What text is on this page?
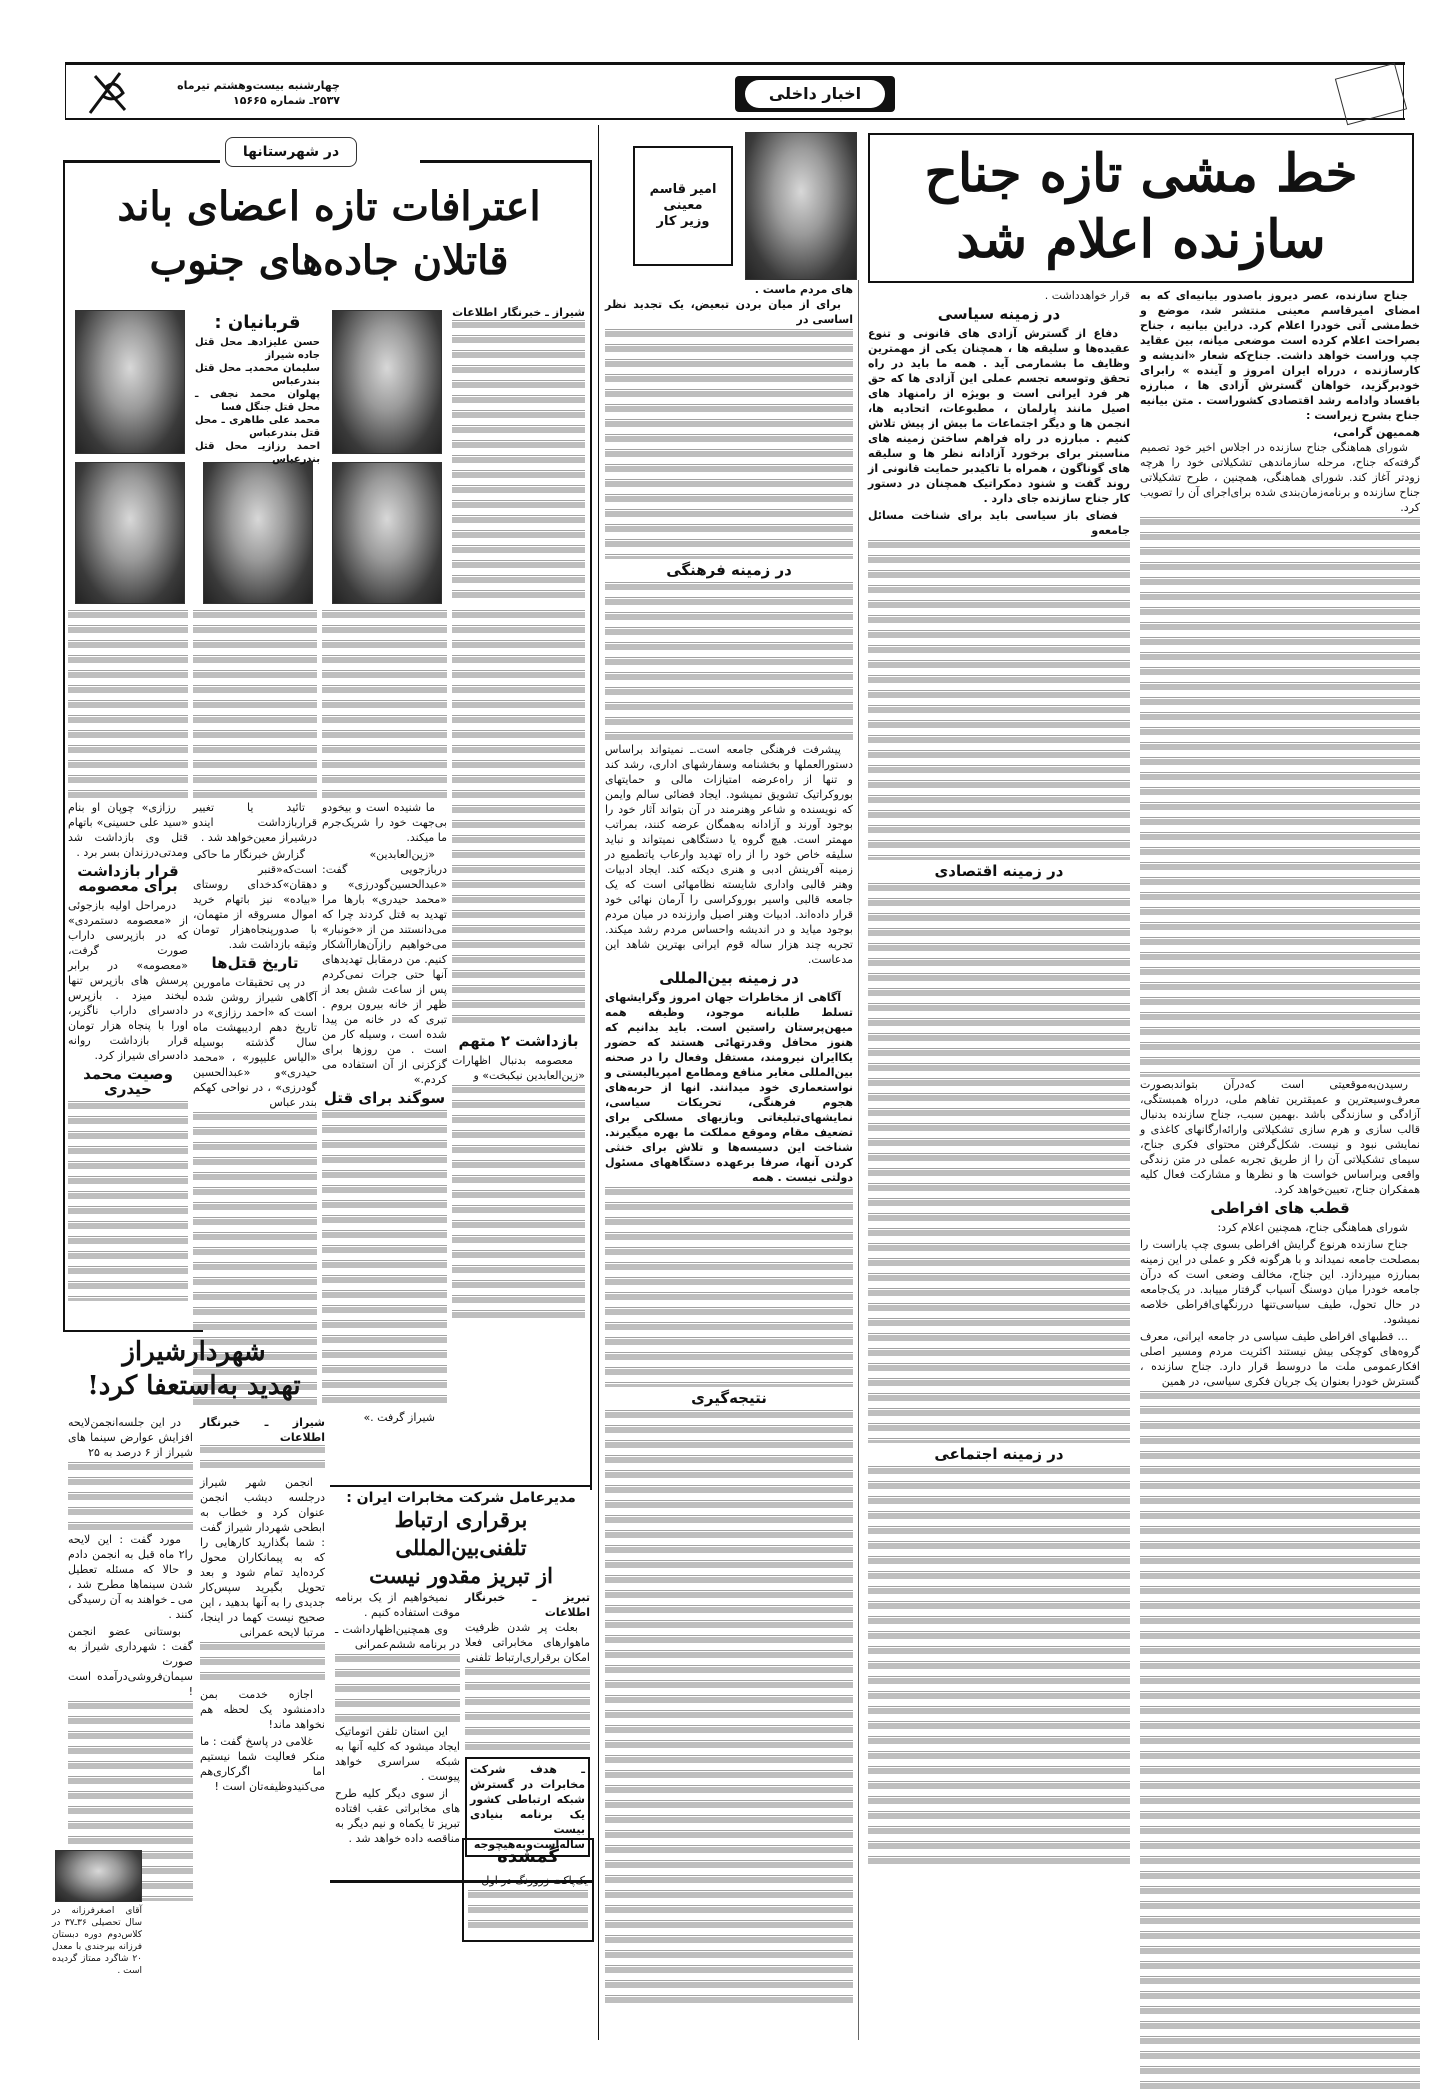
اخبار داخلی
چهارشنبه بیست‌وهشتم تیرماه
۲۵۳۷ـ شماره ۱۵۶۶۵
خط مشی تازه جناح
سازنده اعلام شد
امیر قاسم
معینی
وزیر کار

جناح سازنده، عصر دیروز باصدور بیانیه‌ای که به امضای امیرقاسم معینی منتشر شد، موضع و خط‌مشی آتی خودرا اعلام کرد. دراین بیانیه ، جناح بصراحت اعلام کرده است موضعی میانه، بین عقاید چپ وراست خواهد داشت. جناح‌که شعار «اندیشه و کارسازنده ، درراه ایران امروز و آینده » رابرای خودبرگزید، خواهان گسترش آزادی ها ، مبارزه بافساد وادامه رشد اقتصادی کشوراست . متن بیانیه جناح بشرح زیراست :

هممیهن گرامی،

شورای هماهنگی جناح سازنده در اجلاس اخیر خود تصمیم گرفته‌که جناح، مرحله سازماندهی تشکیلاتی خود را هرچه زودتر آغاز کند. شورای هماهنگی، همچنین ، طرح تشکیلاتی جناح سازنده و برنامه‌زمان‌بندی شده برای‌اجرای آن را تصویب کرد.

رسیدن‌به‌موقعیتی است که‌درآن بتواندبصورت معرف‌وسیعترین و عمیقترین تفاهم ملی، درراه همبستگی، آزادگی و سازندگی باشد .بهمین سبب، جناح سازنده بدنبال قالب سازی و هرم سازی تشکیلاتی وارائه‌ارگانهای کاغذی و نمایشی نبود و نیست. شکل‌گرفتن محتوای فکری جناح، سیمای تشکیلاتی آن را از طریق تجربه عملی در متن زندگی واقعی وبراساس خواست ها و نظرها و مشارکت فعال کلیه همفکران جناح، تعیین‌خواهد کرد.

قطب های افراطی

شورای هماهنگی جناح، همچنین اعلام کرد:

جناح سازنده هرنوع گرایش‌ افراطی بسوی چپ یاراست را بمصلحت جامعه نمیداند و با هرگونه فکر و عملی در این زمینه بمبارزه میپردازد. این جناح، مخالف وضعی است که درآن جامعه خودرا میان دوسنگ آسیاب گرفتار مییابد. در یک‌جامعه در حال تحول، طیف سیاسی‌تنها دررنگهای‌افراطی خلاصه نمیشود.

... قطبهای افراطی طیف سیاسی در جامعه ایرانی، معرف گروه‌های کوچکی بیش نیستند اکثریت مردم ومسیر اصلی افکارعمومی ملت ما دروسط قرار دارد. جناح سازنده ، گسترش خودرا بعنوان یک جریان فکری سیاسی، در همین

قرار خواهدداشت .
در زمینه سیاسی

دفاع از گسترش آزادی های قانونی و تنوع عقیده‌ها و سلیقه ها ، همچنان یکی از مهمترین وظایف ما بشمارمی آید . همه ما باید در راه تحقق وتوسعه تجسم عملی این آزادی ها که حق هر فرد ایرانی است و بویژه از رامنهاد های اصیل مانند پارلمان ، مطبوعات، اتحادیه ها، انجمن ها و دیگر اجتماعات ما بیش از پیش تلاش کنیم . مبارزه در راه فراهم ساختن زمینه های مناسبتر برای برخورد آزادانه نظر ها و سلیقه های گوناگون ، همراه با تاکیدبر حمایت قانونی از روند گفت و شنود دمکراتیک همچنان در دستور کار جناح سازنده جای دارد .

فضای باز سیاسی باید برای شناخت مسائل جامعه‌و

در زمینه اقتصادی
در زمینه اجتماعی
های مردم ماست .

برای از میان بردن تبعیض، یک تجدید نظر اساسی در

در زمینه فرهنگی

پیشرفت فرهنگی جامعه است.ـ نمیتواند براساس دستورالعملها و بخشنامه وسفارشهای اداری، رشد کند و تنها از راه‌عرضه امتیازات مالی و حمایتهای بوروکراتیک تشویق نمیشود. ایجاد فضائی سالم وایمن که نویسنده و شاعر وهنرمند در آن بتواند آثار خود را بوجود آورند و آزادانه به‌همگان عرضه کنند، بمراتب مهمتر است. هیچ گروه یا دستگاهی نمیتواند و نباید سلیقه خاص خود را از راه تهدید وارعاب یاتطمیع در زمینه آفرینش ادبی و هنری دیکته کند. ایجاد ادبیات وهنر قالبی واداری شایسته نظامهائی است که یک جامعه قالبی واسیر بوروکراسی را آرمان نهائی خود قرار داده‌اند. ادبیات وهنر اصیل وارزنده در میان مردم بوجود میاید و در اندیشه واحساس مردم رشد میکند. تجربه چند هزار ساله قوم ایرانی بهترین شاهد این مدعاست.

در زمینه بین‌المللی

آگاهی از مخاطرات جهان امروز وگرایشهای تسلط طلبانه موجود، وظیفه همه میهن‌پرستان راستین است. باید بدانیم که هنوز محافل وقدرتهائی هستند که حضور یکاایران نیرومند، مستقل وفعال را در صحنه بین‌المللی مغایر منافع ومطامع امپریالیستی و نواستعماری خود میدانند. انها از حربه‌های هجوم فرهنگی، تحریکات سیاسی، نمایشهای‌تبلیغاتی وبازیهای مسلکی برای تضعیف مقام وموقع مملکت ما بهره میگیرند. شناخت این دسیسه‌ها و تلاش برای خنثی کردن آنها، صرفا برعهده دستگاههای مسئول دولتی نیست . همه

نتیجه‌گیری
در شهرستانها
اعترافات تازه اعضای باند
قاتلان جاده‌های جنوب
قربانیان :
حسن علیزادهـ محل قتل جاده شیراز
سلیمان محمدیـ محل قتل بندرعباس
پهلوان محمد نجفی ـ محل قتل جنگل فسا
محمد علی طاهری ـ محل قتل بندرعباس
احمد رزازیـ محل قتل بندرعباس
شیراز ـ خبرنگار اطلاعات
بازداشت ۲ متهم

معصومه بدنبال اظهارات «زین‌العابدین نیکبخت» و

ما شنیده است و بیخودو بی‌جهت خود را شریک‌جرم ما میکند.

«زین‌العابدین» دربازجویی گفت: «عبدالحسین‌گودرزی» و «محمد حیدری» بارها مرا تهدید به قتل کردند چرا که می‌دانستند من از «خونبار» می‌خواهیم رازآن‌هاراآشکار کنیم. من درمقابل تهدیدهای آنها حتی جرات نمی‌کردم پس از ساعت شش بعد از ظهر از خانه بیرون بروم . تبری که در خانه من پیدا شده است ، وسیله کار من است . من روزها برای گزکزنی از آن استفاده می کردم.»

سوگند برای قتل

شیراز گرفت .»

تائید یا تغییر قراربازداشت ایندو درشیراز معین‌خواهد شد .

گزارش خبرنگار ما حاکی است‌که«قنبر دهقان»کدخدای روستای «بیاده» نیز باتهام خرید اموال مسروقه از متهمان، با صدورپنجاه‌هزار تومان وثیقه بازداشت شد.

تاریخ قتل‌ها

در پی تحقیقات مامورین آگاهی شیراز روشن شده است که «احمد رزازی» در تاریخ دهم اردیبهشت ماه سال گذشته بوسیله «الیاس علیپور» ، «محمد حیدری»و «عبدالحسین گودرزی» ، در نواحی کهکم بندر عباس

رزازی» چوپان او بنام «سید علی حسینی» باتهام قتل وی بازداشت شد ومدتی‌درزندان بسر برد .

قرار بازداشت برای معصومه

درمراحل اولیه بازجوئی از «معصومه دستمردی» که در بازپرسی داراب صورت گرفت، «معصومه» در برابر پرسش های بازپرس تنها لبخند میزد . بازپرس دادسرای داراب ناگزیر، اورا با پنجاه هزار تومان قرار بازداشت روانه دادسرای شیراز کرد.

وصیت محمد حیدری
شهردارشیراز
تهدید به‌استعفا کرد!
شیراز ـ خبرنگار اطلاعات

انجمن شهر شیراز درجلسه دیشب انجمن عنوان کرد و خطاب به ابطحی شهردار شیراز گفت : شما بگذارید کارهایی را که به پیمانکاران محول کرده‌اید تمام شود و بعد تحویل بگیرید سپس‌کار جدیدی را به آنها بدهید ، این صحیح نیست کهما در اینجا، مرتبا لایحه عمرانی

اجازه خدمت بمن دادمنشود یک لحظه هم نخواهد ماند!

غلامی در پاسخ گفت : ما منکر فعالیت شما نیستیم اما اگرکاری‌هم می‌کنیدوظیفه‌تان است !

در این جلسه‌انجمن‌لایحه افزایش عوارض سینما های شیراز از ۶ درصد به ۲۵

مورد گفت : این لایحه را۲ ماه قبل به انجمن دادم و حالا که مسئله تعطیل شدن سینماها مطرح شد ، می ـ خواهند به آن رسیدگی کنند .

بوستانی عضو انجمن گفت : شهرداری شیراز به صورت سیمان‌فروشی‌درآمده است !

مدیرعامل شرکت مخابرات ایران :
برقراری ارتباط تلفنی‌بین‌المللی
از تبریز مقدور نیست
تبریز ـ خبرنگار اطلاعات

بعلت پر شدن ظرفیت ماهوارهای مخابراتی فعلا امکان برقراری‌ارتباط تلفنی

ـ هدف شرکت مخابرات در گسترش شبکه ارتباطی کشور یک برنامه بنیادی بیست ساله‌است‌وبه‌هیچوجه

نمیخواهیم از یک برنامه موقت استفاده کنیم .

وی همچنین‌اظهارداشت ـ در برنامه ششم‌عمرانی

این استان تلفن اتوماتیک ایجاد میشود که کلیه آنها به شبکه سراسری خواهد پیوست .

از سوی دیگر کلیه طرح های مخابراتی عقب افتاده تبریز تا یکماه و نیم دیگر به مناقصه داده خواهد شد .

گمشده
یک‌پاکت زرورنگ در اول
آقای اصغرفرزانه در سال تحصیلی ۳۶ـ۳۷ در کلاس‌دوم دوره دبستان فرزانه بیرجندی با معدل ۲۰ شاگرد ممتاز گردیده است .
